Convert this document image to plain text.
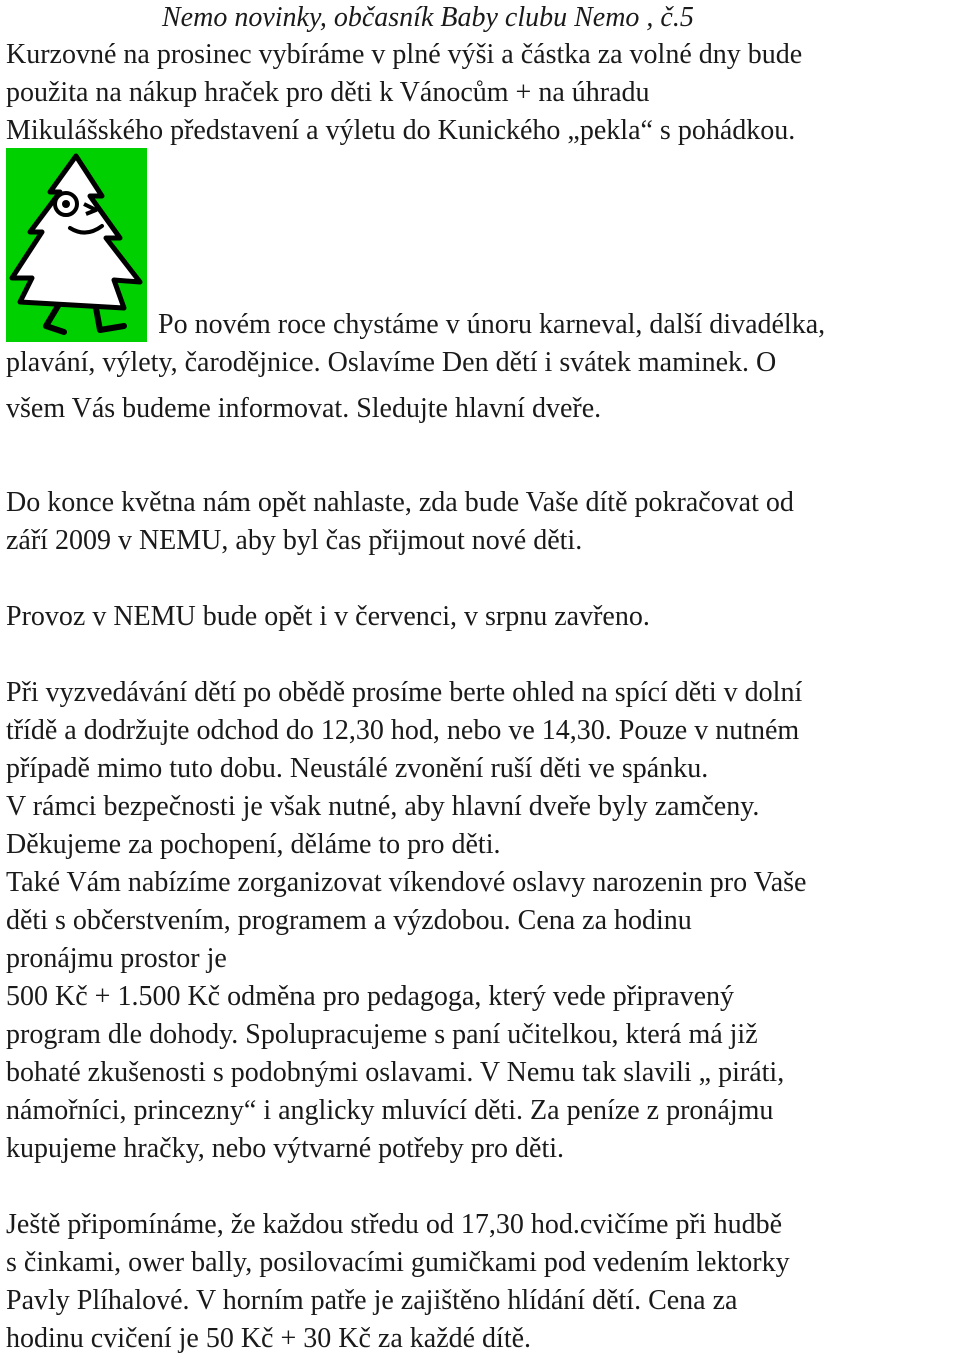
Nemo novinky, občasník Baby clubu Nemo , č.5
Kurzovné na prosinec vybíráme v plné výši a částka za volné dny bude
použita na nákup hraček pro děti k Vánocům + na úhradu
Mikulášského představení a výletu do Kunického „pekla“ s pohádkou.
Po novém roce chystáme v únoru karneval, další divadélka,
plavání, výlety, čarodějnice. Oslavíme Den dětí i svátek maminek. O
všem Vás budeme informovat. Sledujte hlavní dveře.
Do konce května nám opět nahlaste, zda bude Vaše dítě pokračovat od
září 2009 v NEMU, aby byl čas přijmout nové děti.
Provoz v NEMU bude opět i v červenci, v srpnu zavřeno.
Při vyzvedávání dětí po obědě prosíme berte ohled na spící děti v dolní
třídě a dodržujte odchod do 12,30 hod, nebo ve 14,30. Pouze v nutném
případě mimo tuto dobu. Neustálé zvonění ruší děti ve spánku.
V rámci bezpečnosti je však nutné, aby hlavní dveře byly zamčeny.
Děkujeme za pochopení, děláme to pro děti.
Také Vám nabízíme zorganizovat víkendové oslavy narozenin pro Vaše
děti s občerstvením, programem a výzdobou. Cena za hodinu
pronájmu prostor je
500 Kč + 1.500 Kč odměna pro pedagoga, který vede připravený
program dle dohody. Spolupracujeme s paní učitelkou, která má již
bohaté zkušenosti s podobnými oslavami. V Nemu tak slavili „ piráti,
námořníci, princezny“ i anglicky mluvící děti. Za peníze z pronájmu
kupujeme hračky, nebo výtvarné potřeby pro děti.
Ještě připomínáme, že každou středu od 17,30 hod.cvičíme při hudbě
s činkami, ower bally, posilovacími gumičkami pod vedením lektorky
Pavly Plíhalové. V horním patře je zajištěno hlídání dětí. Cena za
hodinu cvičení je 50 Kč + 30 Kč za každé dítě.
